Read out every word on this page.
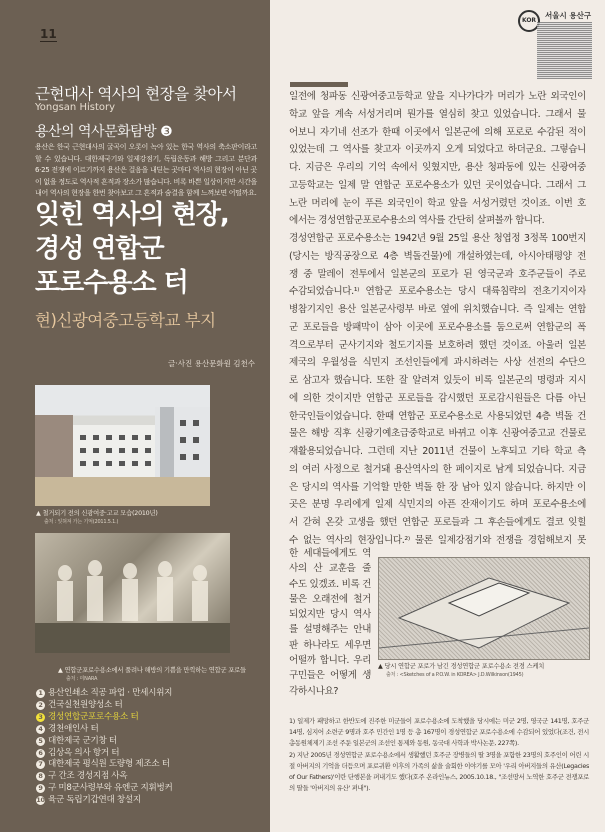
11
근현대사 역사의 현장을 찾아서
Yongsan History
용산의 역사문화탐방 ❸
용산은 한국 근현대사의 굴곡이 오롯이 녹아 있는 한국 역사의 축소판이라고 할 수 있습니다. 대한제국기와 일제강점기, 독립운동과 해방 그리고 분단과 6·25 전쟁에 이르기까지 용산은 걸음을 내딛는 곳마다 역사의 현장이 아닌 곳이 없을 정도로 역사적 흔적과 장소가 많습니다. 비록 바쁜 일상이지만 시간을 내어 역사의 현장을 한번 찾아보고 그 흔적과 숨결을 함께 느껴보면 어떨까요.
잊힌 역사의 현장,
경성 연합군
포로수용소 터
현)신광여중고등학교 부지
글·사진 용산문화원 김천수
▲ 철거되기 전의 신광여중·고교 모습(2010년)
출처 : 잊혀져 가는 기억(2011.5.1.)
▲ 연합군포로수용소에서 풀려나 해방의 기쁨을 만끽하는 연합군 포로들
출처 : 미NARA
1 용산인쇄소 직공 파업 · 만세시위지
2 건국실천원양성소 터
3 경성연합군포로수용소 터
4 경천애인사 터
5 대한제국 군기창 터
6 김상옥 의사 항거 터
7 대한제국 평식원 도량형 제조소 터
8 구 간조 경성지점 사옥
9 구 미8군사령부와 유엔군 지휘벙커
10 육군 독립기갑연대 창설지
KOR
서울시 용산구
일전에 청파동 신광여중고등학교 앞을 지나가다가 머리가 노란 외국인이
학교 앞을 계속 서성거리며 뭔가를 열심히 찾고 있었습니다. 그래서 물
어보니 자기네 선조가 한때 이곳에서 일본군에 의해 포로로 수감된 적이
있었는데 그 역사를 찾고자 이곳까지 오게 되었다고 하더군요. 그렇습니
다. 지금은 우리의 기억 속에서 잊혔지만, 용산 청파동에 있는 신광여중
고등학교는 일제 말 연합군 포로수용소가 있던 곳이었습니다. 그래서 그
노란 머리에 눈이 푸른 외국인이 학교 앞을 서성거렸던 것이죠. 이번 호
에서는 경성연합군포로수용소의 역사를 간단히 살펴볼까 합니다.
경성연합군 포로수용소는 1942년 9월 25일 용산 청엽정 3정목 100번지
(당시는 방직공장으로 4층 벽돌건물)에 개설하였는데, 아시아태평양 전
쟁 중 말레이 전투에서 일본군의 포로가 된 영국군과 호주군들이 주로
수감되었습니다.¹⁾ 연합군 포로수용소는 당시 대륙침략의 전초기지이자
병참기지인 용산 일본군사령부 바로 옆에 위치했습니다. 즉 일제는 연합
군 포로들을 방패막이 삼아 이곳에 포로수용소를 둠으로써 연합군의 폭
격으로부터 군사기지와 철도기지를 보호하려 했던 것이죠. 아울러 일본
제국의 우월성을 식민지 조선인들에게 과시하려는 사상 선전의 수단으
로 삼고자 했습니다. 또한 잘 알려져 있듯이 비록 일본군의 명령과 지시
에 의한 것이지만 연합군 포로들을 감시했던 포로감시원들은 다름 아닌
한국인들이었습니다. 한때 연합군 포로수용소로 사용되었던 4층 벽돌 건
물은 해방 직후 신광기예초급중학교로 바뀌고 이후 신광여중고교 건물로
재활용되었습니다. 그런데 지난 2011년 건물이 노후되고 기타 학교 측
의 여러 사정으로 철거돼 용산역사의 한 페이지로 남게 되었습니다. 지금
은 당시의 역사를 기억할 만한 벽돌 한 장 남아 있지 않습니다. 하지만 이
곳은 분명 우리에게 일제 식민지의 아픈 잔재이기도 하며 포로수용소에
서 갇혀 온갖 고생을 했던 연합군 포로들과 그 후손들에게도 결코 잊힐
수 없는 역사의 현장입니다.²⁾ 물론 일제강점기와 전쟁을 경험해보지 못
한 세대들에게도 역
사의 산 교훈을 줄
수도 있겠죠. 비록 건
물은 오래전에 철거
되었지만 당시 역사
를 설명해주는 안내
판 하나라도 세우면
어떨까 합니다. 우리
구민들은 어떻게 생
각하시나요?
▲ 당시 연합군 포로가 남긴 경성연합군 포로수용소 전경 스케치
출처 : <Sketches of a P.O.W. in KOREA> J.D.Wilkinson(1945)

1) 일제가 패망하고 한반도에 진주한 미군들이 포로수용소에 도착했을 당시에는 미군 2명, 영국군 141명, 호주군 14명, 심지어 소련군 9명과 호주 민간인 1명 등 총 167명이 경성연합군 포로수용소에 수감되어 있었다(조건, 전시 총동원체제기 조선 주둔 일본군의 조선인 통제와 동원, 동국대 사학과 박사논문, 227쪽).

2) 지난 2005년 경성연합군 포로수용소에서 생활했던 호주군 장병들의 딸 3명을 포함한 23명의 호주인이 어린 시절 아버지의 기억을 더듬으며 포로귀환 이후의 가족의 삶을 술회한 이야기를 모아 '우리 아버지들의 유산(Legacies of Our Fathers)'이란 단행본을 펴내기도 했다(호주 온라인뉴스, 2005.10.18., "조선땅서 노역한 호주군 전쟁포로의 딸들 '아버지의 유산' 펴내").
